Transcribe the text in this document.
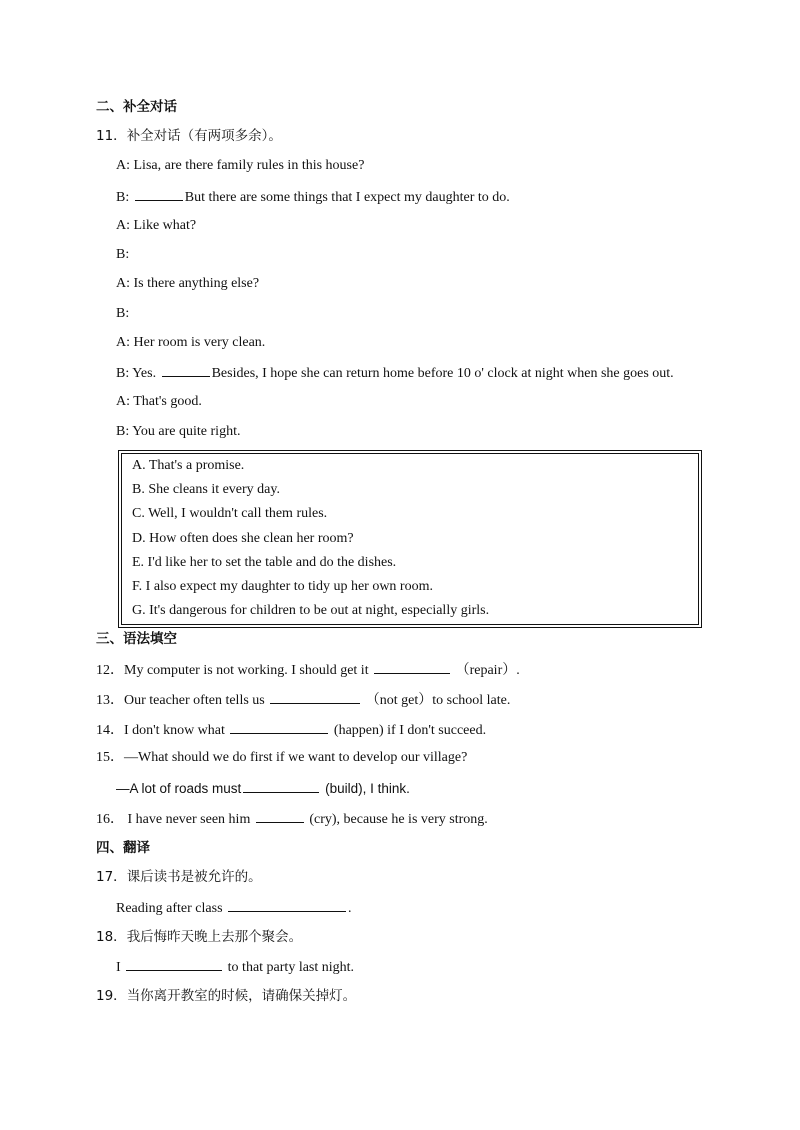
二、补全对话
11．补全对话（有两项多余）。
A: Lisa, are there family rules in this house?
B:	But there are some things that I expect my daughter to do.
A: Like what?
B:
A: Is there anything else?
B:
A: Her room is very clean.
B: Yes.	Besides, I hope she can return home before 10 o' clock at night when she goes out.
A: That's good.
B: You are quite right.
A. That's a promise.
B. She cleans it every day.
C. Well, I wouldn't call them rules.
D. How often does she clean her room?
E. I'd like her to set the table and do the dishes.
F. I also expect my daughter to tidy up her own room.
G. It's dangerous for children to be out at night, especially girls.
三、语法填空
12．My computer is not working. I should get it	（repair）.
13．Our teacher often tells us	（not get）to school late.
14．I don't know what	(happen) if I don't succeed.
15．—What should we do first if we want to develop our village?
—A lot of roads must	(build), I think.
16． I have never seen him	(cry), because he is very strong.
四、翻译
17．课后读书是被允许的。
Reading after class	.
18．我后悔昨天晚上去那个聚会。
I	to that party last night.
19．当你离开教室的时候，请确保关掉灯。
